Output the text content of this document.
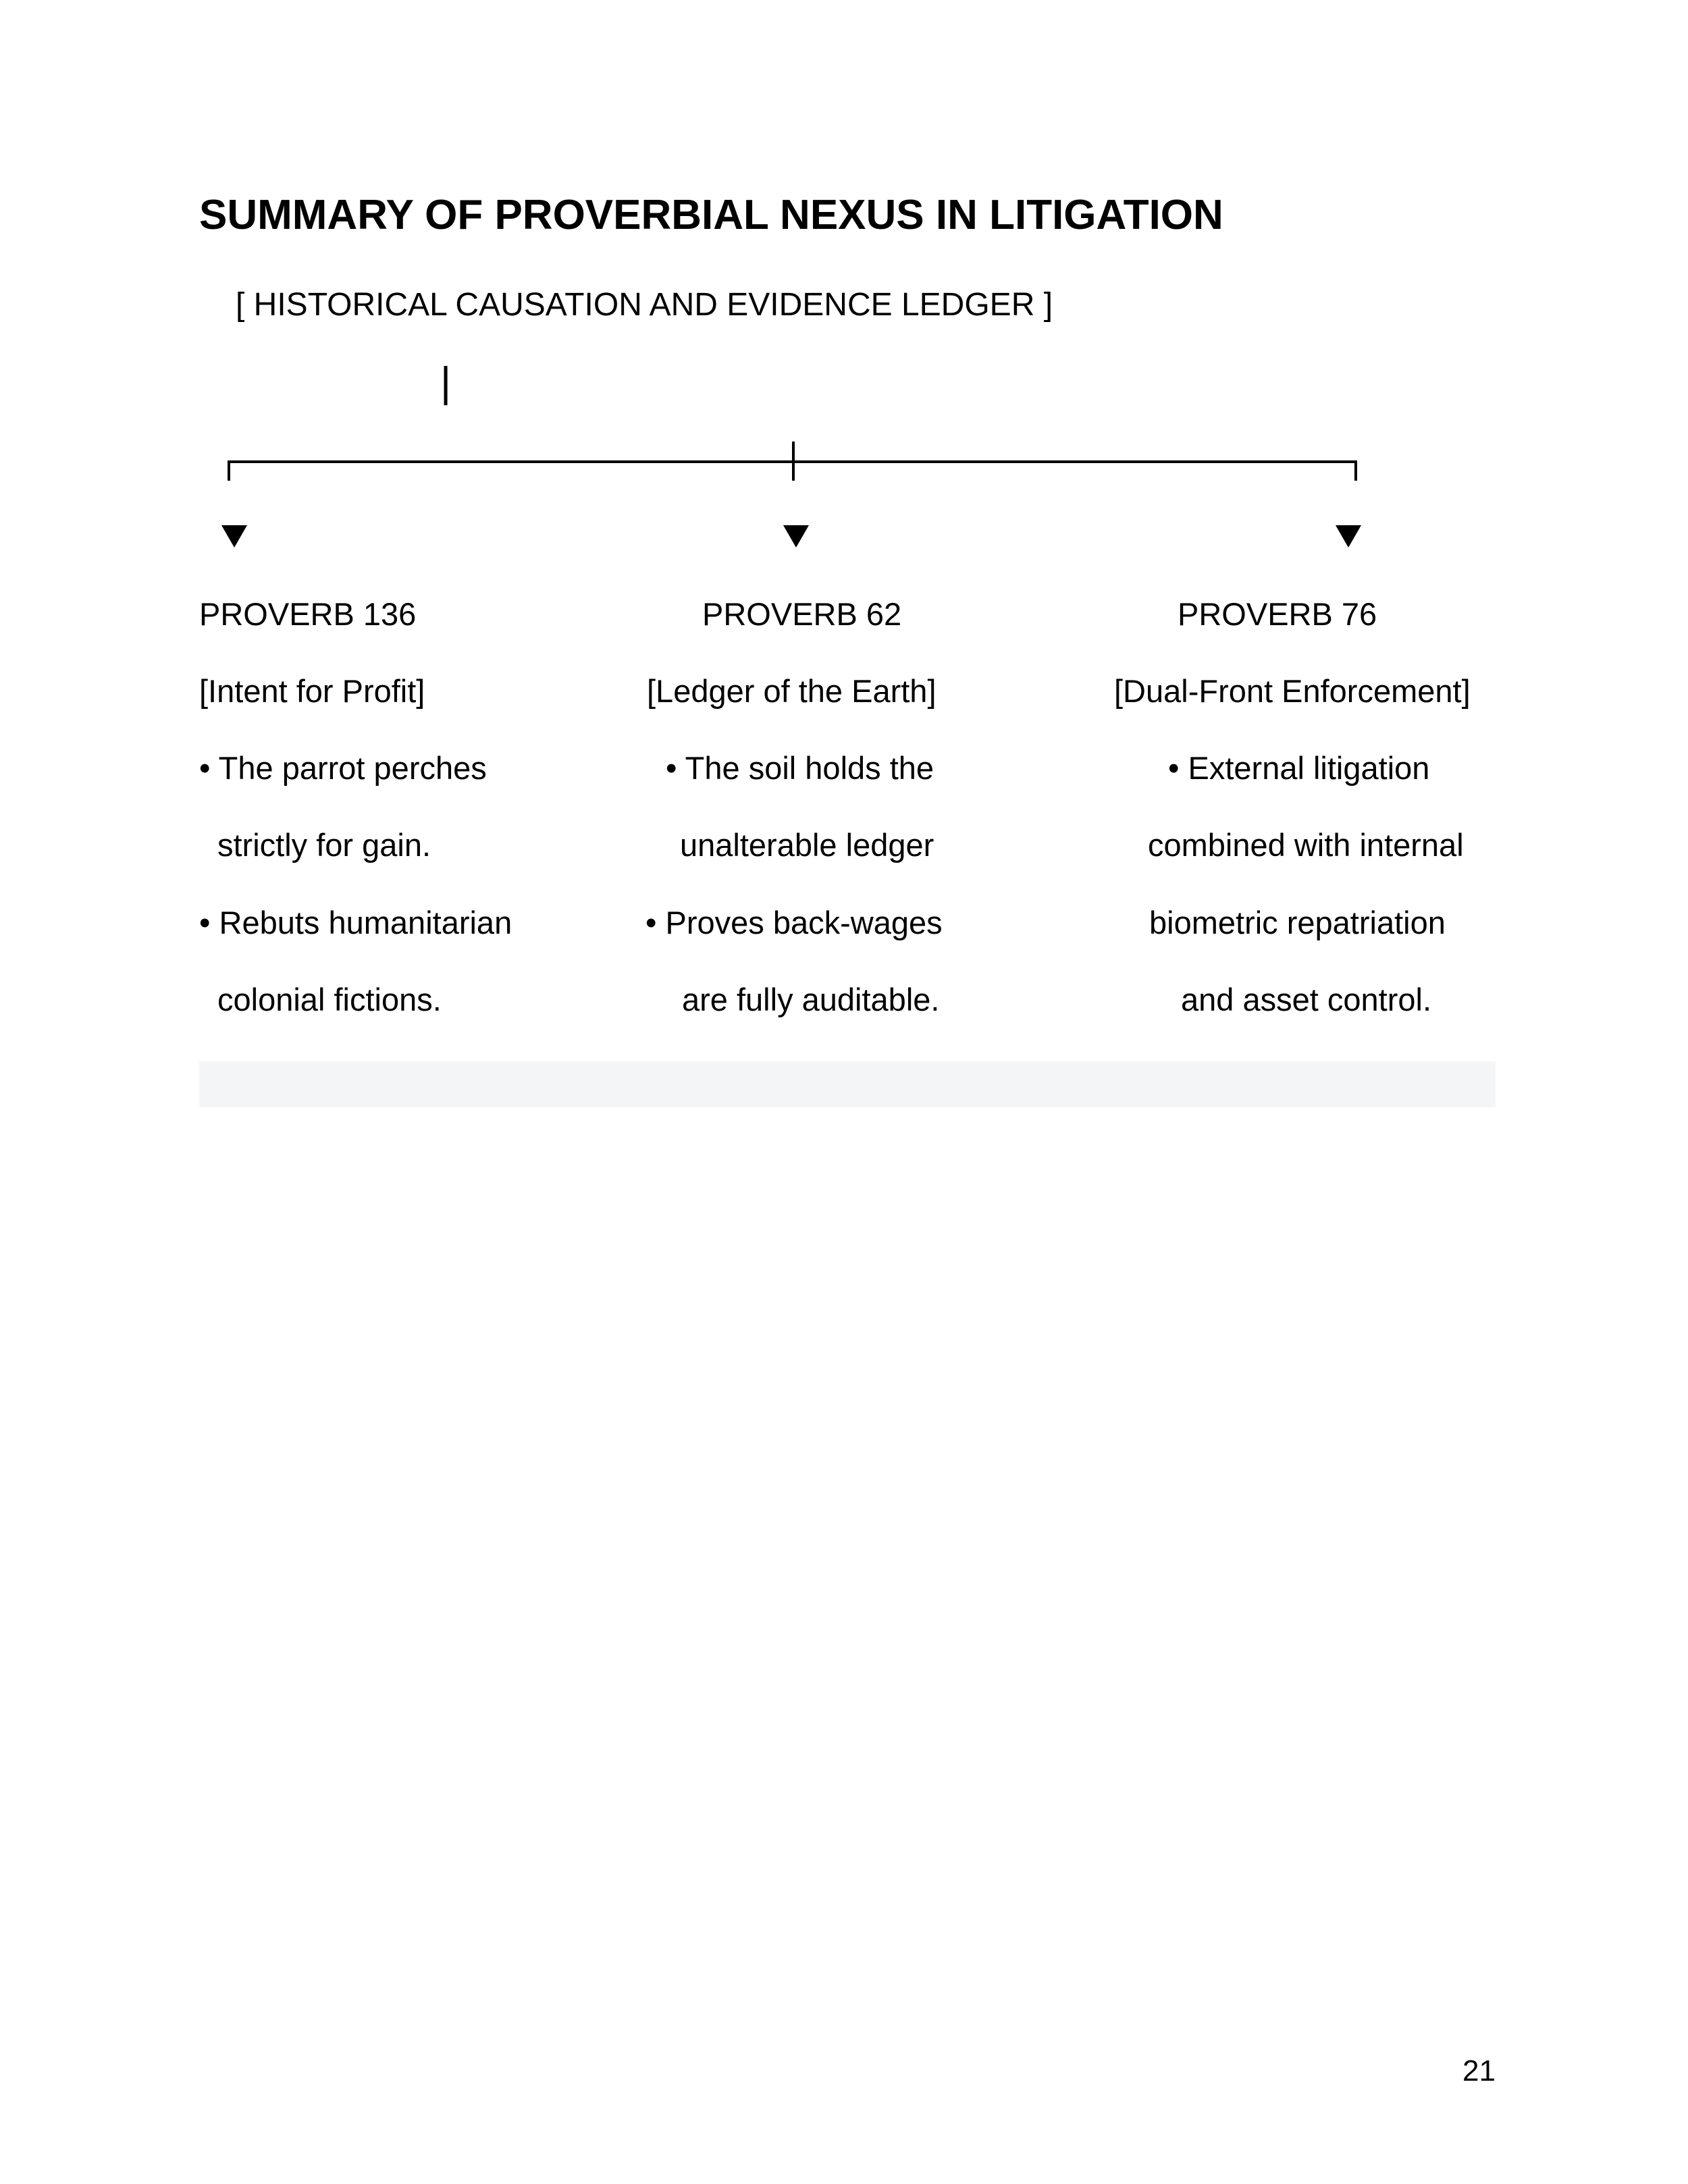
SUMMARY OF PROVERBIAL NEXUS IN LITIGATION
[ HISTORICAL CAUSATION AND EVIDENCE LEDGER ]
|
PROVERB 136
[Intent for Profit]
• The parrot perches
strictly for gain.
• Rebuts humanitarian
colonial fictions.
PROVERB 62
[Ledger of the Earth]
• The soil holds the
unalterable ledger
• Proves back-wages
are fully auditable.
PROVERB 76
[Dual-Front Enforcement]
• External litigation
combined with internal
biometric repatriation
and asset control.
21
